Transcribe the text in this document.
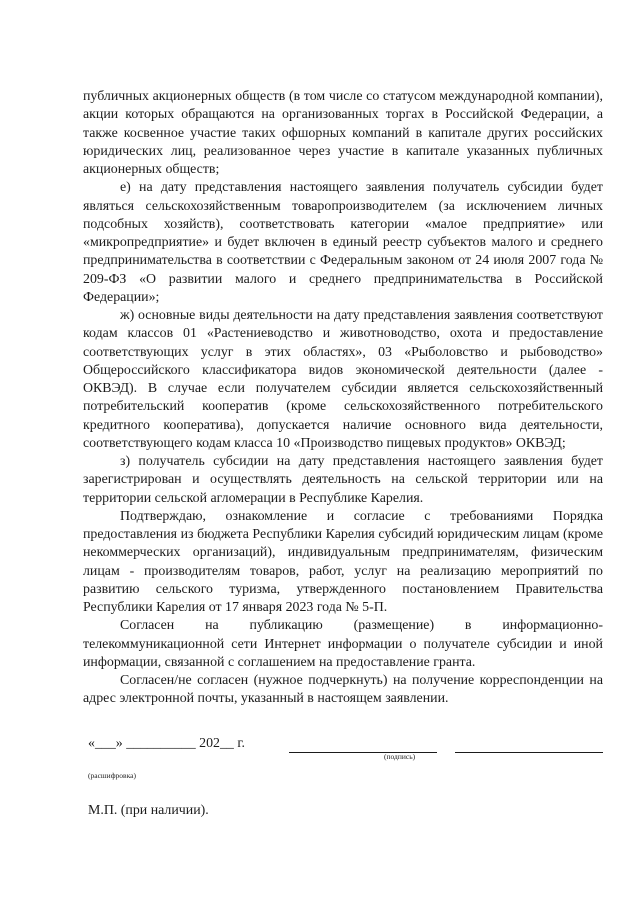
публичных акционерных обществ (в том числе со статусом международной компании), акции которых обращаются на организованных торгах в Российской Федерации, а также косвенное участие таких офшорных компаний в капитале других российских юридических лиц, реализованное через участие в капитале указанных публичных акционерных обществ;

е) на дату представления настоящего заявления получатель субсидии будет являться сельскохозяйственным товаропроизводителем (за исключением личных подсобных хозяйств), соответствовать категории «малое предприятие» или «микропредприятие» и будет включен в единый реестр субъектов малого и среднего предпринимательства в соответствии с Федеральным законом от 24 июля 2007 года № 209-ФЗ «О развитии малого и среднего предпринимательства в Российской Федерации»;

ж) основные виды деятельности на дату представления заявления соответствуют кодам классов 01 «Растениеводство и животноводство, охота и предоставление соответствующих услуг в этих областях», 03 «Рыболовство и рыбоводство» Общероссийского классификатора видов экономической деятельности (далее - ОКВЭД). В случае если получателем субсидии является сельскохозяйственный потребительский кооператив (кроме сельскохозяйственного потребительского кредитного кооператива), допускается наличие основного вида деятельности, соответствующего кодам класса 10 «Производство пищевых продуктов» ОКВЭД;

з) получатель субсидии на дату представления настоящего заявления будет зарегистрирован и осуществлять деятельность на сельской территории или на территории сельской агломерации в Республике Карелия.

Подтверждаю, ознакомление и согласие с требованиями Порядка предоставления из бюджета Республики Карелия субсидий юридическим лицам (кроме некоммерческих организаций), индивидуальным предпринимателям, физическим лицам - производителям товаров, работ, услуг на реализацию мероприятий по развитию сельского туризма, утвержденного постановлением Правительства Республики Карелия от 17 января 2023 года № 5-П.

Согласен на публикацию (размещение) в информационно-телекоммуникационной сети Интернет информации о получателе субсидии и иной информации, связанной с соглашением на предоставление гранта.

Согласен/не согласен (нужное подчеркнуть) на получение корреспонденции на адрес электронной почты, указанный в настоящем заявлении.

«___» __________ 202__ г.
(подпись)
(расшифровка)
М.П. (при наличии).
